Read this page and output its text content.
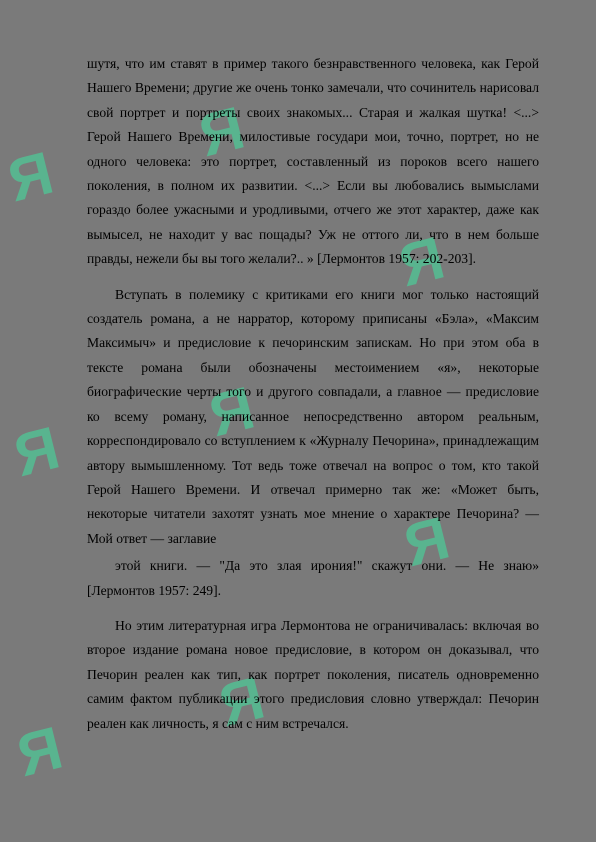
Я
Я
Я
Я
Я
Я
Я
Я

шутя, что им ставят в пример такого безнравственного человека, как Герой Нашего Времени; другие же очень тонко замечали, что сочинитель нарисовал свой портрет и портреты своих знакомых... Старая и жалкая шутка! <...> Герой Нашего Времени, милостивые государи мои, точно, портрет, но не одного человека: это портрет, составленный из пороков всего нашего поколения, в полном их развитии. <...> Если вы любовались вымыслами гораздо более ужасными и уродливыми, отчего же этот характер, даже как вымысел, не находит у вас пощады? Уж не оттого ли, что в нем больше правды, нежели бы вы того желали?.. » [Лермонтов 1957: 202-203].

Вступать в полемику с критиками его книги мог только настоящий создатель романа, а не нарратор, которому приписаны «Бэла», «Максим Максимыч» и предисловие к печоринским запискам. Но при этом оба в тексте романа были обозначены местоимением «я», некоторые биографические черты того и другого совпадали, а главное — предисловие ко всему роману, написанное непосредственно автором реальным, корреспондировало со вступлением к «Журналу Печорина», принадлежащим автору вымышленному. Тот ведь тоже отвечал на вопрос о том, кто такой Герой Нашего Времени. И отвечал примерно так же: «Может быть, некоторые читатели захотят узнать мое мнение о характере Печорина? — Мой ответ — заглавие

этой книги. — "Да это злая ирония!" скажут они. — Не знаю» [Лермонтов 1957: 249].

Но этим литературная игра Лермонтова не ограничивалась: включая во второе издание романа новое предисловие, в котором он доказывал, что Печорин реален как тип, как портрет поколения, писатель одновременно самим фактом публикации этого предисловия словно утверждал: Печорин реален как личность, я сам с ним встречался.
